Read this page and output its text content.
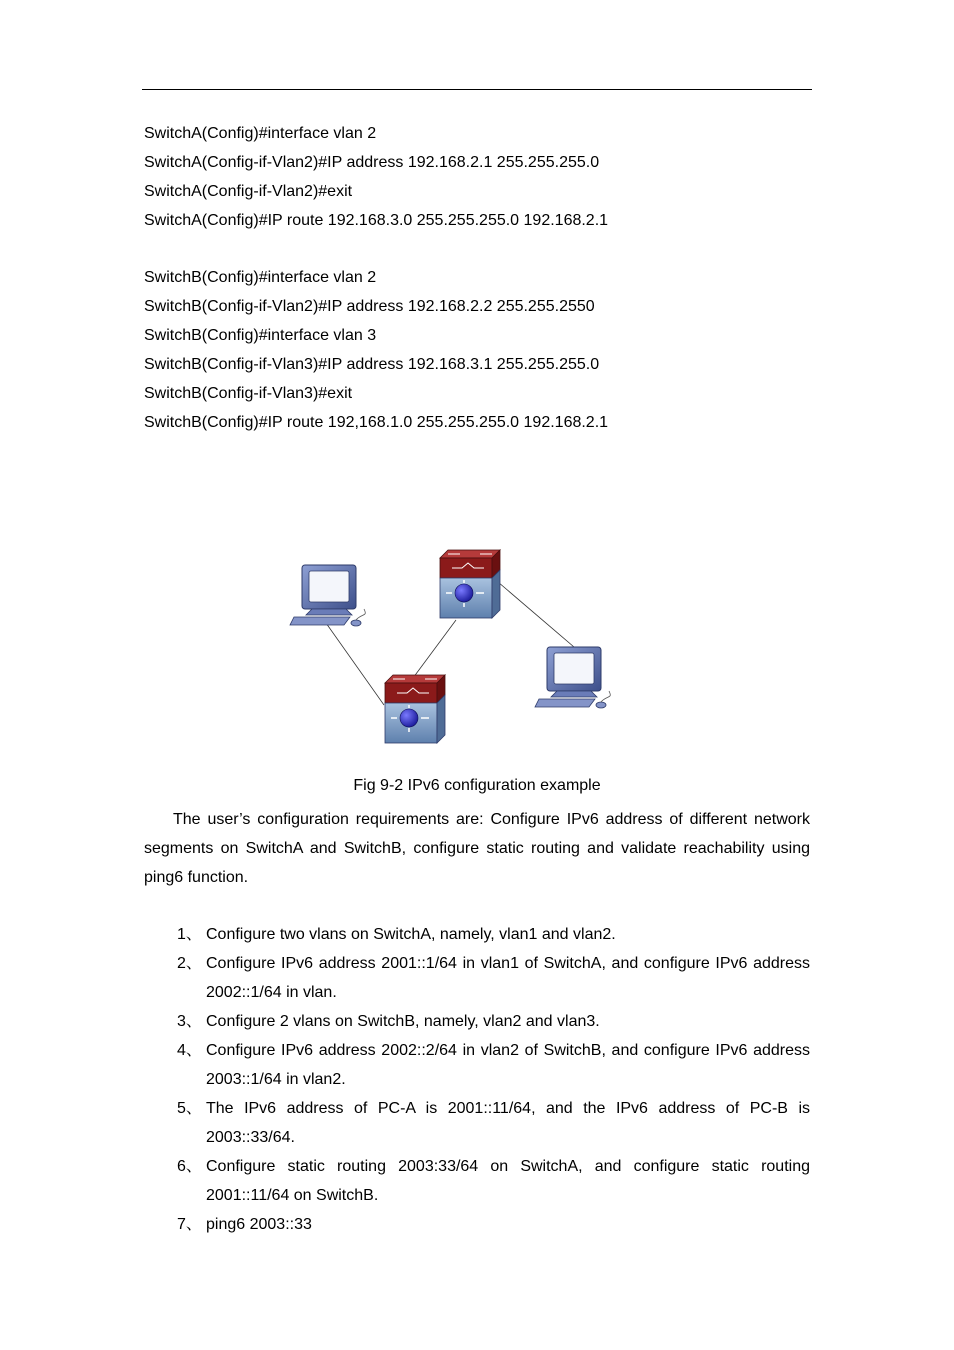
SwitchA(Config)#interface vlan 2
SwitchA(Config-if-Vlan2)#IP address 192.168.2.1 255.255.255.0
SwitchA(Config-if-Vlan2)#exit
SwitchA(Config)#IP route 192.168.3.0 255.255.255.0 192.168.2.1
SwitchB(Config)#interface vlan 2
SwitchB(Config-if-Vlan2)#IP address 192.168.2.2 255.255.2550
SwitchB(Config)#interface vlan 3
SwitchB(Config-if-Vlan3)#IP address 192.168.3.1 255.255.255.0
SwitchB(Config-if-Vlan3)#exit
SwitchB(Config)#IP route 192,168.1.0 255.255.255.0 192.168.2.1
Fig 9-2 IPv6 configuration example

The user’s configuration requirements are: Configure IPv6 address of different network segments on SwitchA and SwitchB, configure static routing and validate reachability using ping6 function.

1、 Configure two vlans on SwitchA, namely, vlan1 and vlan2.

2、 Configure IPv6 address 2001::1/64 in vlan1 of SwitchA, and configure IPv6 address 2002::1/64 in vlan.

3、 Configure 2 vlans on SwitchB, namely, vlan2 and vlan3.

4、 Configure IPv6 address 2002::2/64 in vlan2 of SwitchB, and configure IPv6 address 2003::1/64 in vlan2.

5、 The IPv6 address of PC-A is 2001::11/64, and the IPv6 address of PC-B is 2003::33/64.

6、 Configure static routing 2003:33/64 on SwitchA, and configure static routing 2001::11/64 on SwitchB.

7、 ping6 2003::33
